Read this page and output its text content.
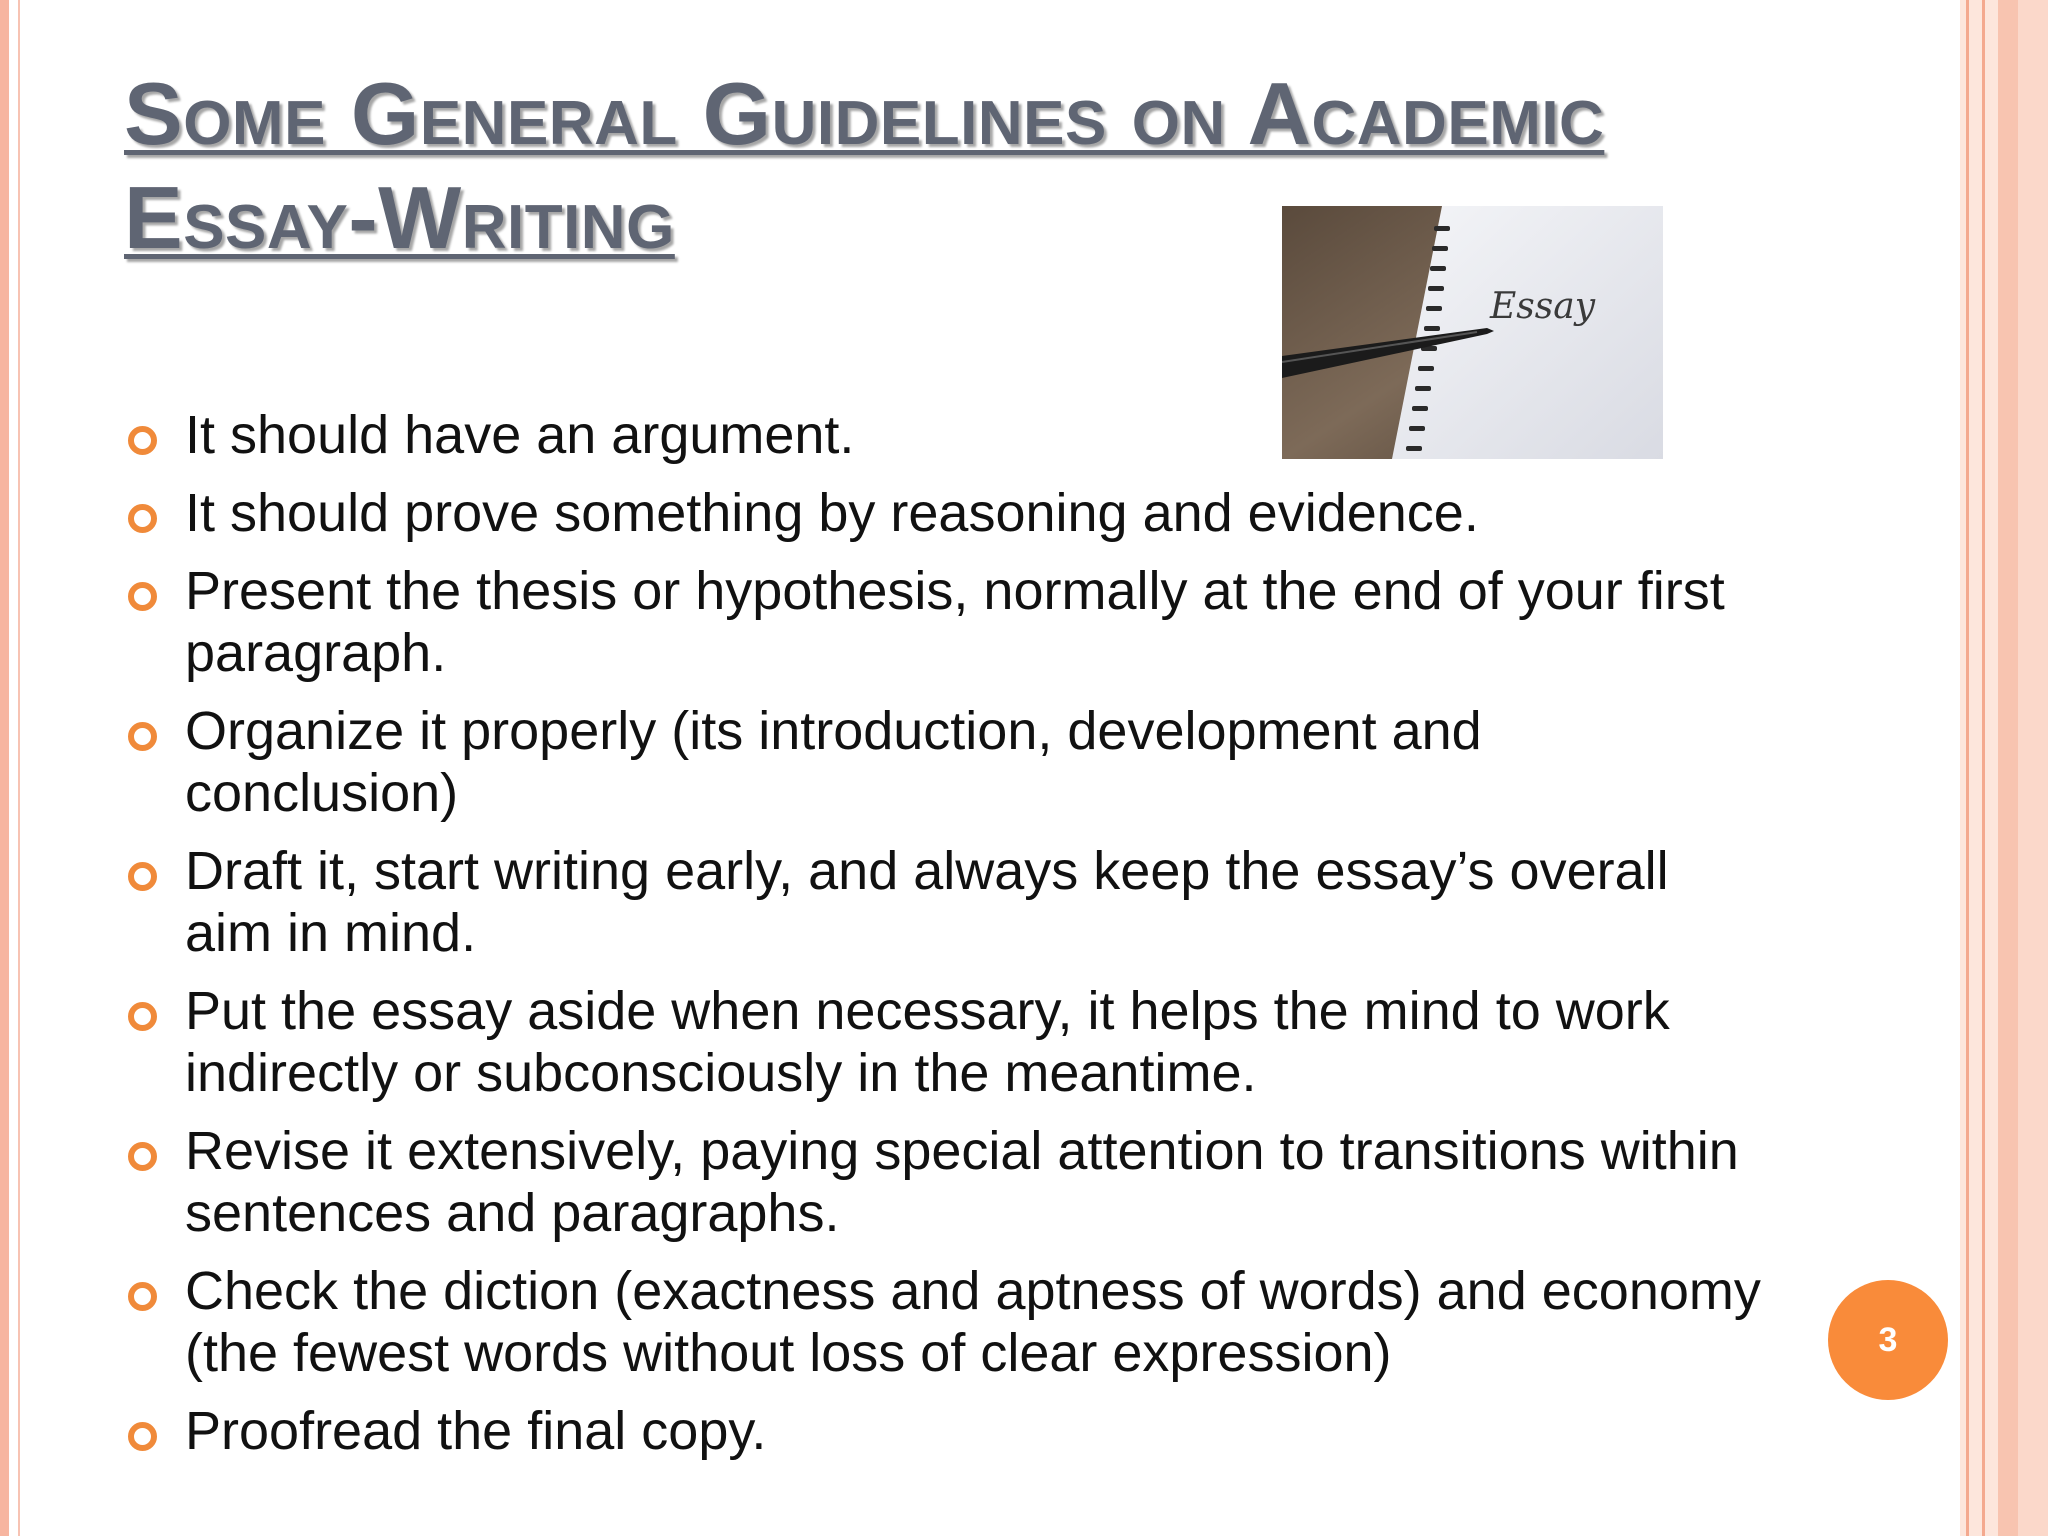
Some General Guidelines on Academic Essay-Writing
Essay
It should have an argument.
It should prove something by reasoning and evidence.
Present the thesis or hypothesis, normally at the end of your first paragraph.
Organize it properly (its introduction, development and conclusion)
Draft it, start writing early, and always keep the essay’s overall aim in mind.
Put the essay aside when necessary, it helps the mind to work indirectly or subconsciously in the meantime.
Revise it extensively, paying special attention to transitions within sentences and paragraphs.
Check the diction (exactness and aptness of words) and economy (the fewest words without loss of clear expression)
Proofread the final copy.
3
